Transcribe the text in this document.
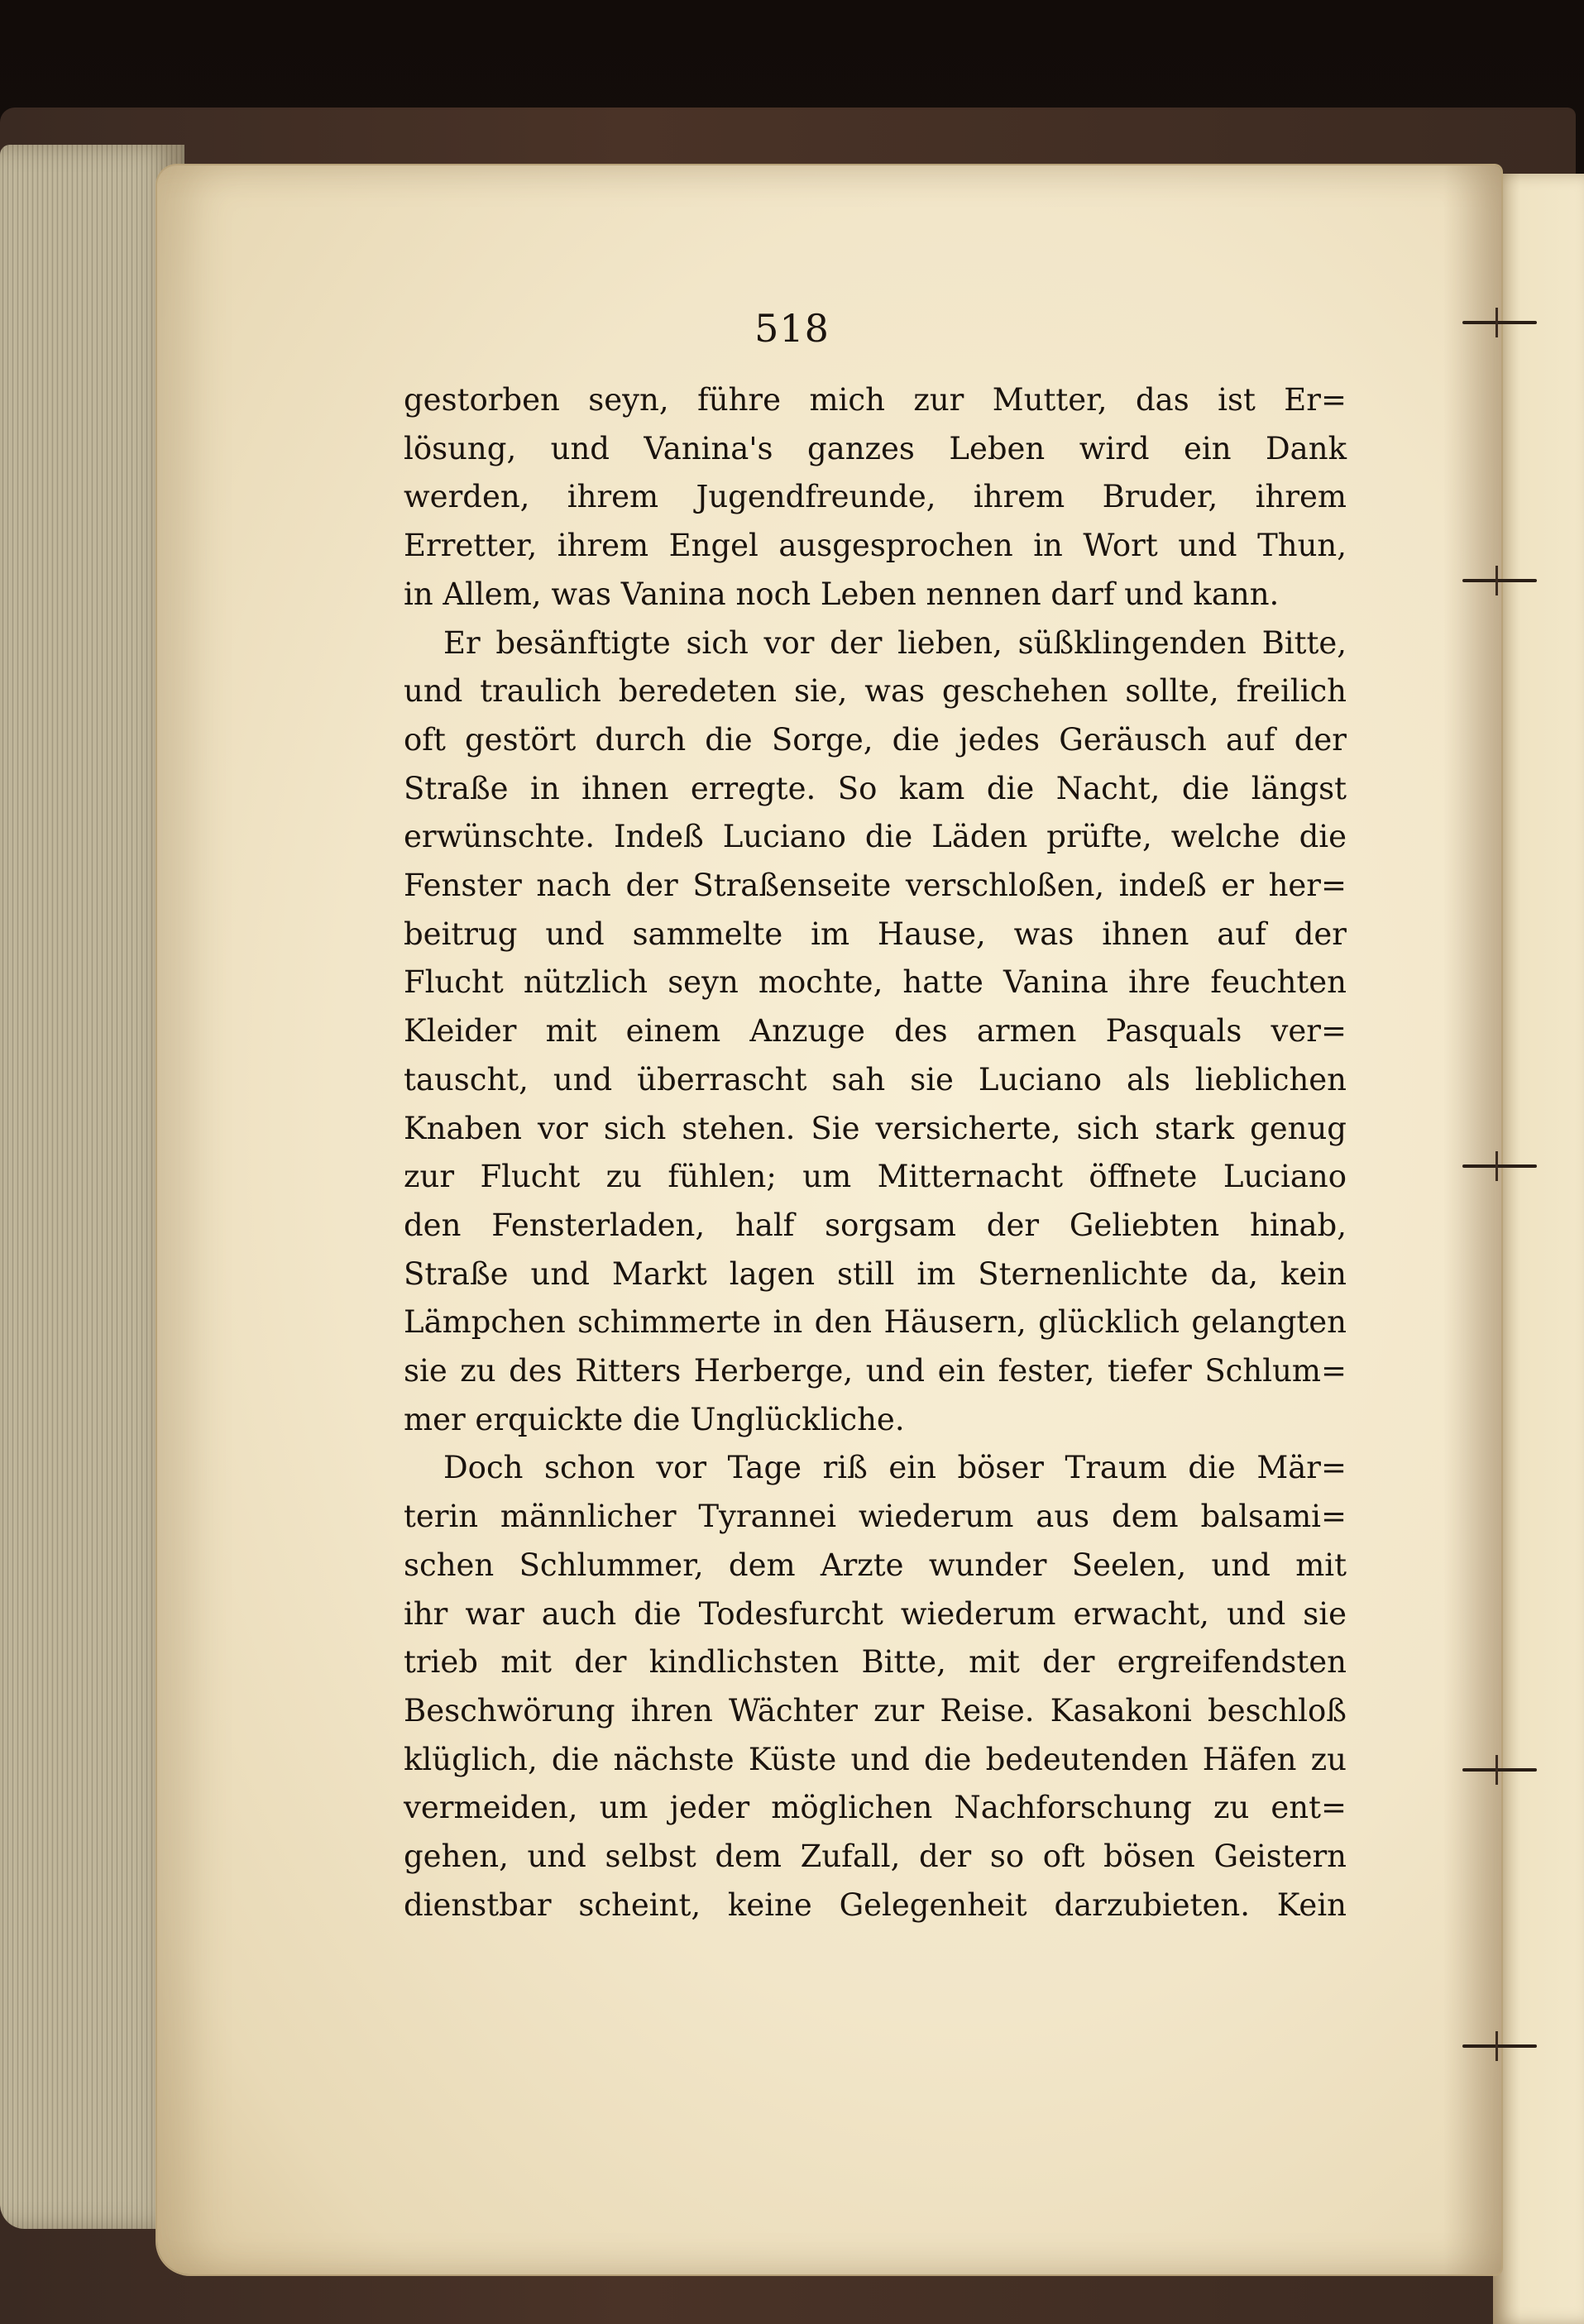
518
gestorben seyn, führe mich zur Mutter, das ist Er=
lösung, und Vanina's ganzes Leben wird ein Dank
werden, ihrem Jugendfreunde, ihrem Bruder, ihrem
Erretter, ihrem Engel ausgesprochen in Wort und Thun,
in Allem, was Vanina noch Leben nennen darf und kann.
Er besänftigte sich vor der lieben, süßklingenden Bitte,
und traulich beredeten sie, was geschehen sollte, freilich
oft gestört durch die Sorge, die jedes Geräusch auf der
Straße in ihnen erregte. So kam die Nacht, die längst
erwünschte. Indeß Luciano die Läden prüfte, welche die
Fenster nach der Straßenseite verschloßen, indeß er her=
beitrug und sammelte im Hause, was ihnen auf der
Flucht nützlich seyn mochte, hatte Vanina ihre feuchten
Kleider mit einem Anzuge des armen Pasquals ver=
tauscht, und überrascht sah sie Luciano als lieblichen
Knaben vor sich stehen. Sie versicherte, sich stark genug
zur Flucht zu fühlen; um Mitternacht öffnete Luciano
den Fensterladen, half sorgsam der Geliebten hinab,
Straße und Markt lagen still im Sternenlichte da, kein
Lämpchen schimmerte in den Häusern, glücklich gelangten
sie zu des Ritters Herberge, und ein fester, tiefer Schlum=
mer erquickte die Unglückliche.
Doch schon vor Tage riß ein böser Traum die Mär=
terin männlicher Tyrannei wiederum aus dem balsami=
schen Schlummer, dem Arzte wunder Seelen, und mit
ihr war auch die Todesfurcht wiederum erwacht, und sie
trieb mit der kindlichsten Bitte, mit der ergreifendsten
Beschwörung ihren Wächter zur Reise. Kasakoni beschloß
klüglich, die nächste Küste und die bedeutenden Häfen zu
vermeiden, um jeder möglichen Nachforschung zu ent=
gehen, und selbst dem Zufall, der so oft bösen Geistern
dienstbar scheint, keine Gelegenheit darzubieten. Kein
